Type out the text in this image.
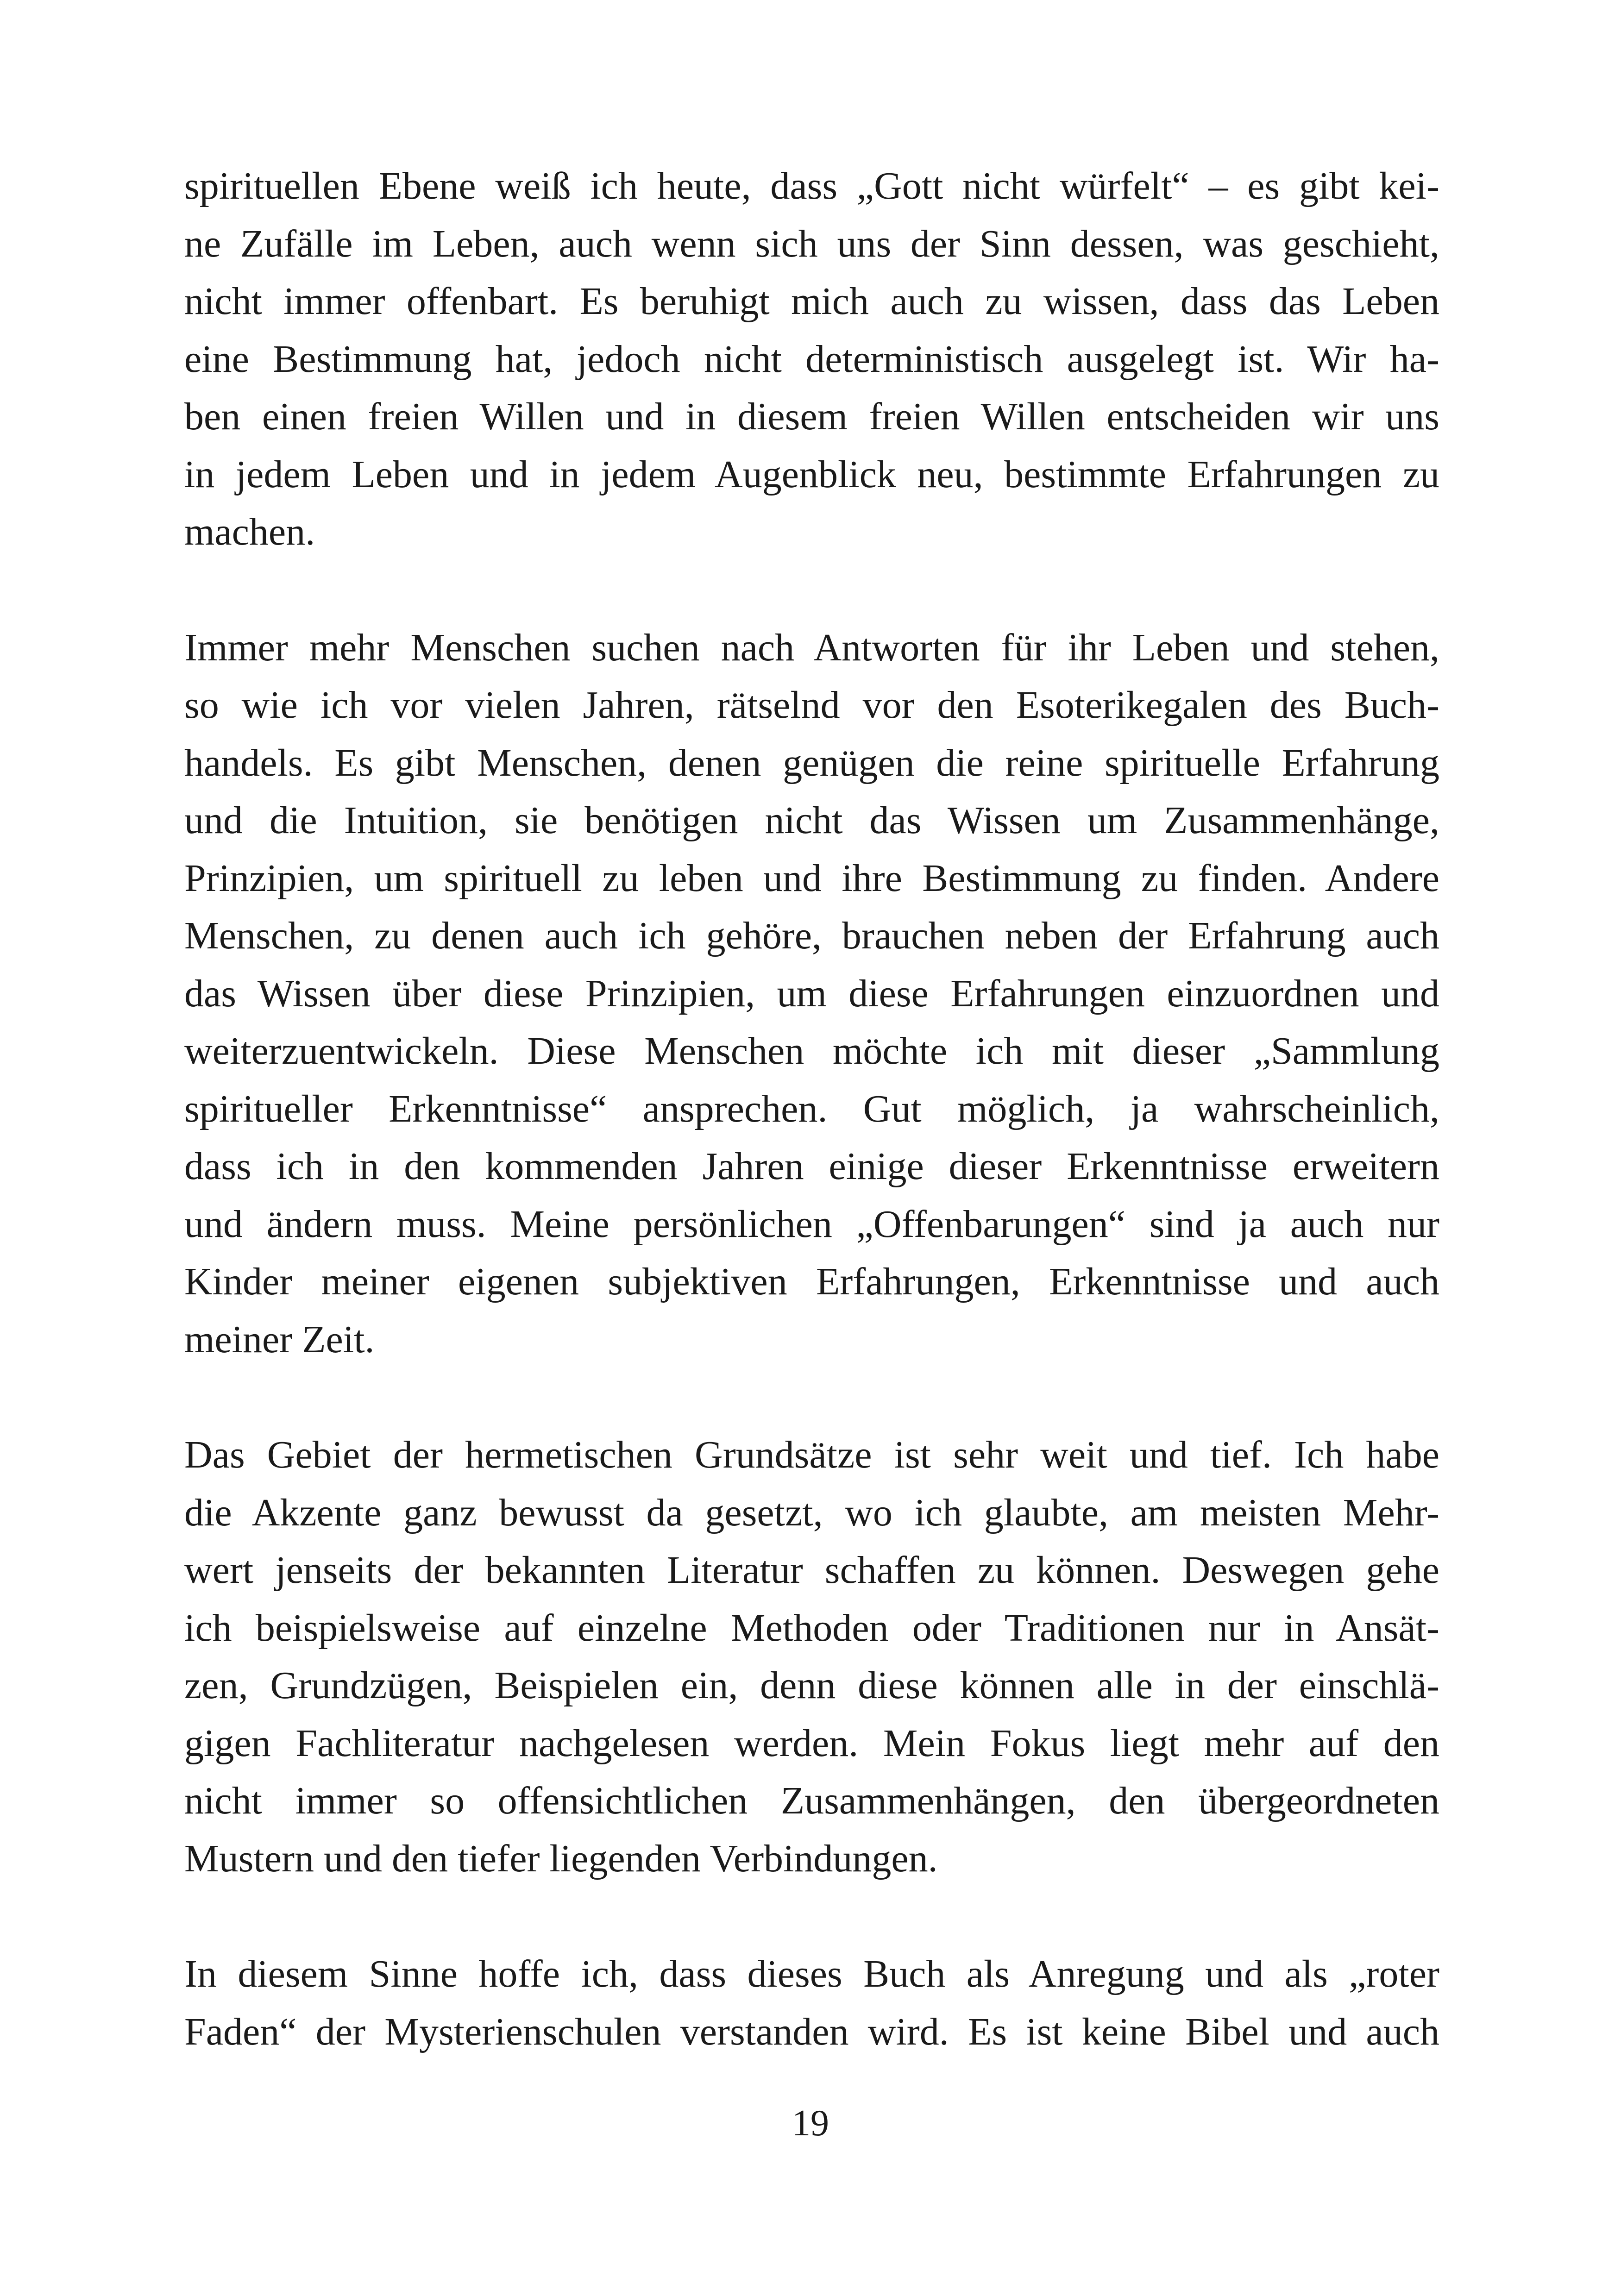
spirituellen Ebene weiß ich heute, dass „Gott nicht würfelt“ – es gibt kei-
ne Zufälle im Leben, auch wenn sich uns der Sinn dessen, was geschieht,
nicht immer offenbart. Es beruhigt mich auch zu wissen, dass das Leben
eine Bestimmung hat, jedoch nicht deterministisch ausgelegt ist. Wir ha-
ben einen freien Willen und in diesem freien Willen entscheiden wir uns
in jedem Leben und in jedem Augenblick neu, bestimmte Erfahrungen zu
machen.

Immer mehr Menschen suchen nach Antworten für ihr Leben und stehen,
so wie ich vor vielen Jahren, rätselnd vor den Esoterikegalen des Buch-
handels. Es gibt Menschen, denen genügen die reine spirituelle Erfahrung
und die Intuition, sie benötigen nicht das Wissen um Zusammenhänge,
Prinzipien, um spirituell zu leben und ihre Bestimmung zu finden. Andere
Menschen, zu denen auch ich gehöre, brauchen neben der Erfahrung auch
das Wissen über diese Prinzipien, um diese Erfahrungen einzuordnen und
weiterzuentwickeln. Diese Menschen möchte ich mit dieser „Sammlung
spiritueller Erkenntnisse“ ansprechen. Gut möglich, ja wahrscheinlich,
dass ich in den kommenden Jahren einige dieser Erkenntnisse erweitern
und ändern muss. Meine persönlichen „Offenbarungen“ sind ja auch nur
Kinder meiner eigenen subjektiven Erfahrungen, Erkenntnisse und auch
meiner Zeit.

Das Gebiet der hermetischen Grundsätze ist sehr weit und tief. Ich habe
die Akzente ganz bewusst da gesetzt, wo ich glaubte, am meisten Mehr-
wert jenseits der bekannten Literatur schaffen zu können. Deswegen gehe
ich beispielsweise auf einzelne Methoden oder Traditionen nur in Ansät-
zen, Grundzügen, Beispielen ein, denn diese können alle in der einschlä-
gigen Fachliteratur nachgelesen werden. Mein Fokus liegt mehr auf den
nicht immer so offensichtlichen Zusammenhängen, den übergeordneten
Mustern und den tiefer liegenden Verbindungen.

In diesem Sinne hoffe ich, dass dieses Buch als Anregung und als „roter
Faden“ der Mysterienschulen verstanden wird. Es ist keine Bibel und auch

19
